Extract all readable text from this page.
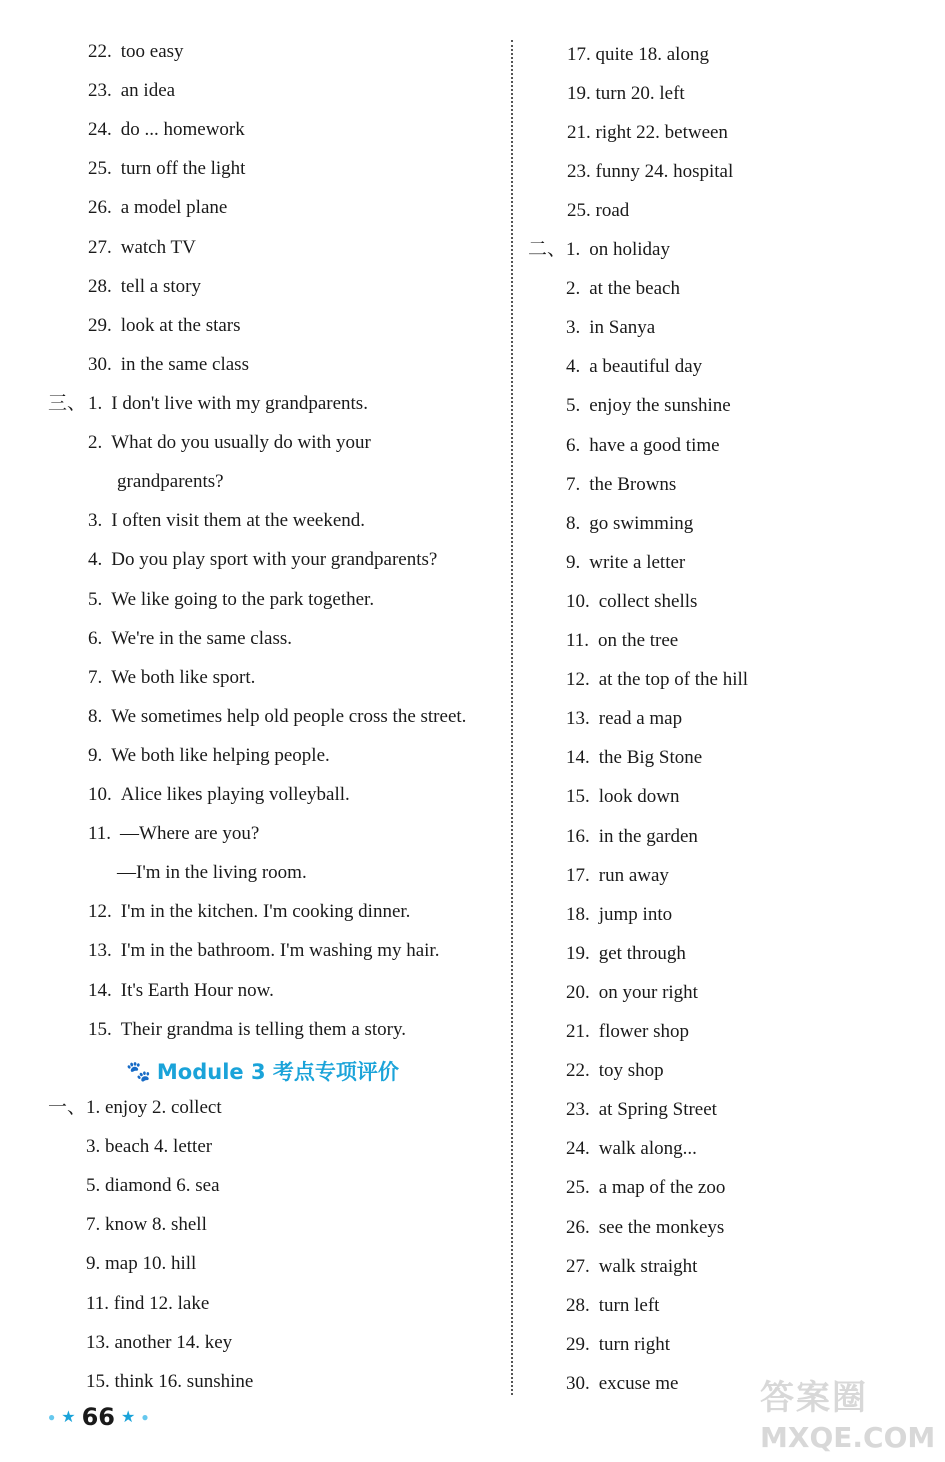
22. too easy
23. an idea
24. do ... homework
25. turn off the light
26. a model plane
27. watch TV
28. tell a story
29. look at the stars
30. in the same class
三、 1. I don't live with my grandparents.
2. What do you usually do with your
grandparents?
3. I often visit them at the weekend.
4. Do you play sport with your grandparents?
5. We like going to the park together.
6. We're in the same class.
7. We both like sport.
8. We sometimes help old people cross the street.
9. We both like helping people.
10. Alice likes playing volleyball.
11. —Where are you?
—I'm in the living room.
12. I'm in the kitchen. I'm cooking dinner.
13. I'm in the bathroom. I'm washing my hair.
14. It's Earth Hour now.
15. Their grandma is telling them a story.
一、 1. enjoy 2. collect
3. beach 4. letter
5. diamond 6. sea
7. know 8. shell
9. map 10. hill
11. find 12. lake
13. another 14. key
15. think 16. sunshine
17. quite 18. along
19. turn 20. left
21. right 22. between
23. funny 24. hospital
25. road
二、 1. on holiday
2. at the beach
3. in Sanya
4. a beautiful day
5. enjoy the sunshine
6. have a good time
7. the Browns
8. go swimming
9. write a letter
10. collect shells
11. on the tree
12. at the top of the hill
13. read a map
14. the Big Stone
15. look down
16. in the garden
17. run away
18. jump into
19. get through
20. on your right
21. flower shop
22. toy shop
23. at Spring Street
24. walk along...
25. a map of the zoo
26. see the monkeys
27. walk straight
28. turn left
29. turn right
30. excuse me
🐾 Module 3 考点专项评价
● ★ 66 ★ ●	答案圈
MXQE.COM
